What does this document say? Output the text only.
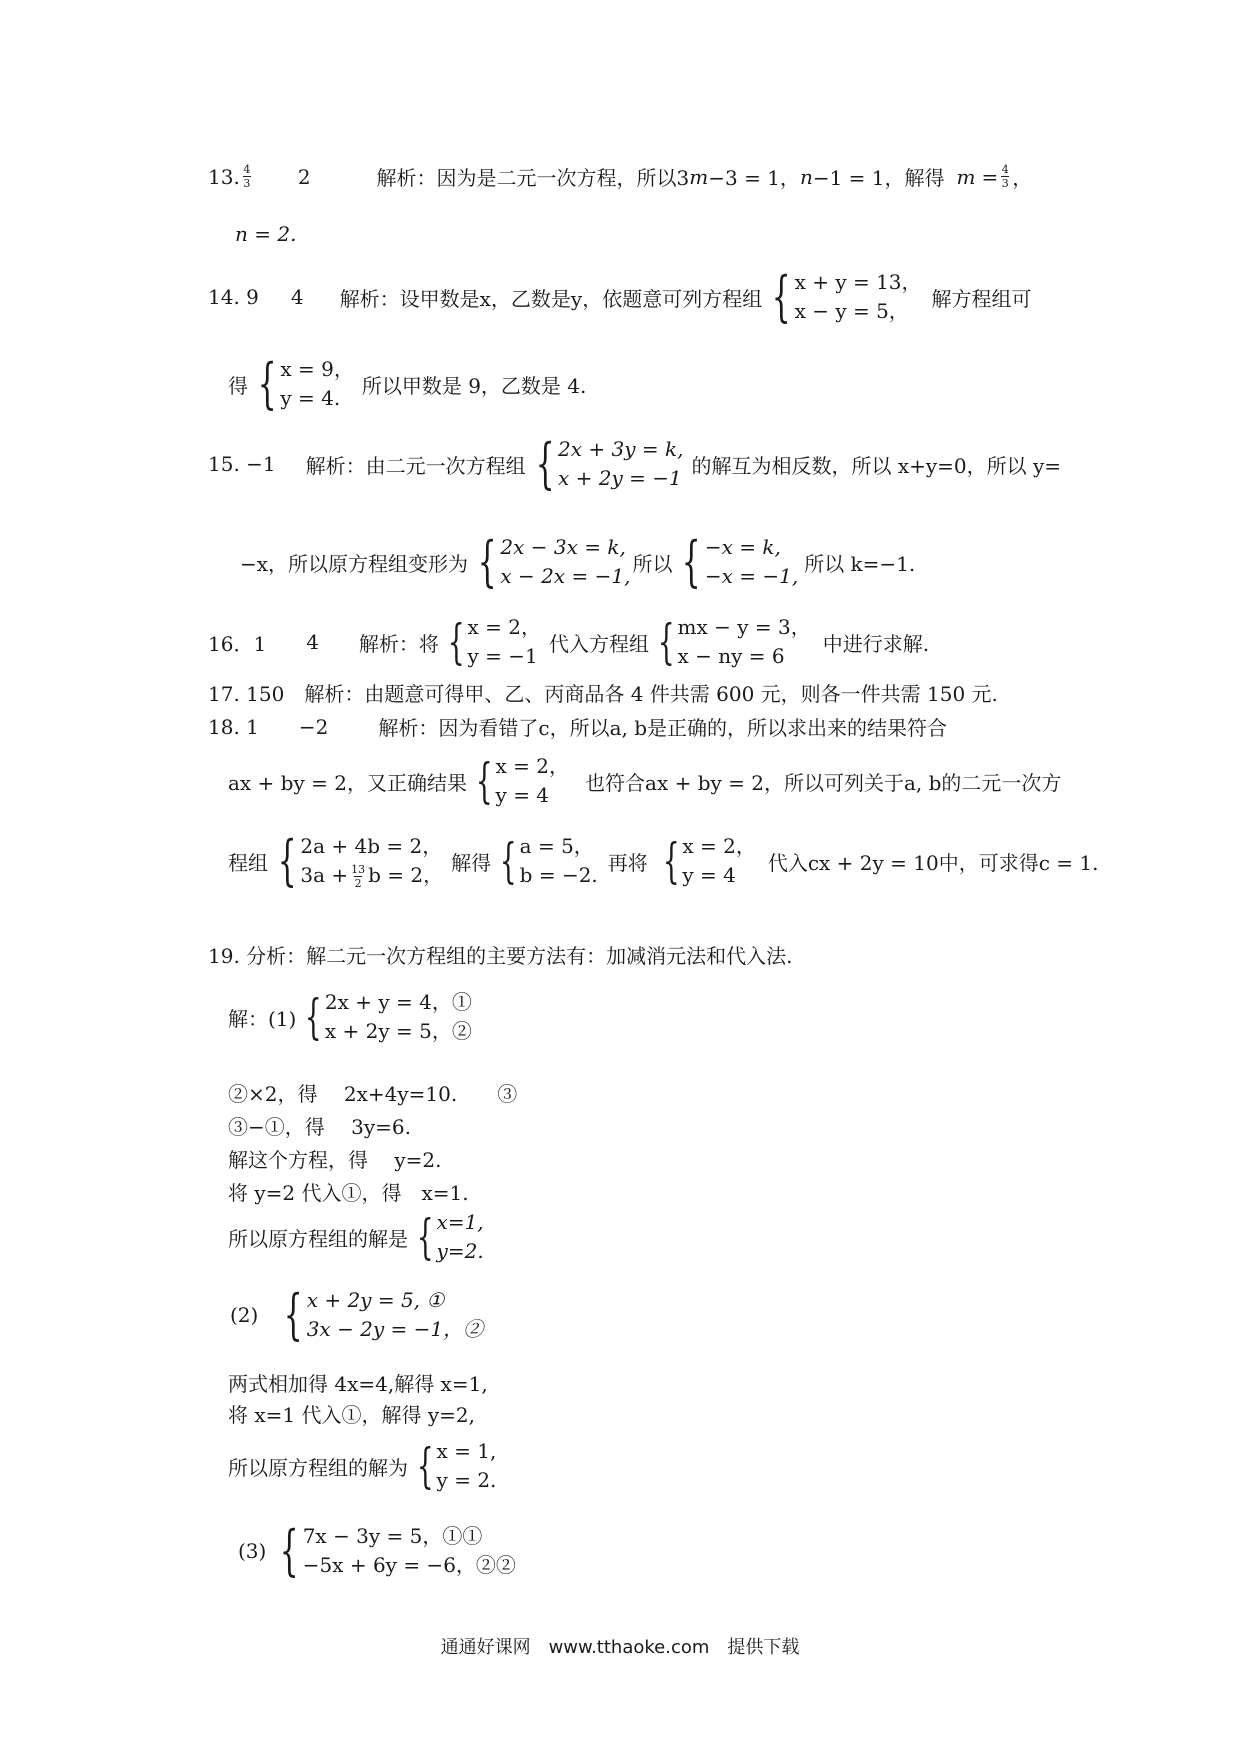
13. $\frac{4}{3} 2$	解析：因为是二元一次方程，所以3 m −3 = 1， n −1 = 1，解得 $m = \frac{4}{3}$ ，
n = 2.
14. 9 4 解析：设甲数是x，乙数是y，依题意可列方程组 { x + y = 13，
x − y = 5，
解方程组可
得 { x = 9，
y = 4.
所以甲数是 9，乙数是 4.
15. −1 解析：由二元一次方程组 { 2x + 3y = k,
x + 2y = −1
的解互为相反数，所以 x+y=0，所以 y=
−x，所以原方程组变形为 { 2x − 3x = k,
x − 2x = −1,
所以 { −x = k,
−x = −1,
所以 k=−1.
16．1 4 解析：将 { x = 2，
y = −1
代入方程组 { mx − y = 3，
x − ny = 6
中进行求解.
17. 150　解析：由题意可得甲、乙、丙商品各 4 件共需 600 元，则各一件共需 150 元.
18. 1 −2	解析：因为看错了c，所以a, b是正确的，所以求出来的结果符合
ax + by = 2，又正确结果 { x = 2，
y = 4
也符合ax + by = 2，所以可列关于a, b的二元一次方
程组 { 2a + 4b = 2，
$3a + \frac{13}{2}$ b = 2，
解得 { a = 5，
b = −2.
再将 { x = 2，
y = 4
代入cx + 2y = 10中，可求得c = 1.
19. 分析：解二元一次方程组的主要方法有：加减消元法和代入法.
解：(1) { 2x + y = 4，①
x + 2y = 5，②
②×2，得　 2x+4y=10.　　③
③−①，得　 3y=6.
解这个方程，得　 y=2.
将 y=2 代入①，得　x=1.
所以原方程组的解是 { x=1,
y=2.
(2) { x + 2y = 5, ①
3x − 2y = −1，②
两式相加得 4x=4,解得 x=1,
将 x=1 代入①，解得 y=2,
所以原方程组的解为 { x = 1,
y = 2.
(3) { 7x − 3y = 5，①①
−5x + 6y = −6，②②
通通好课网　www.tthaoke.com　提供下载
